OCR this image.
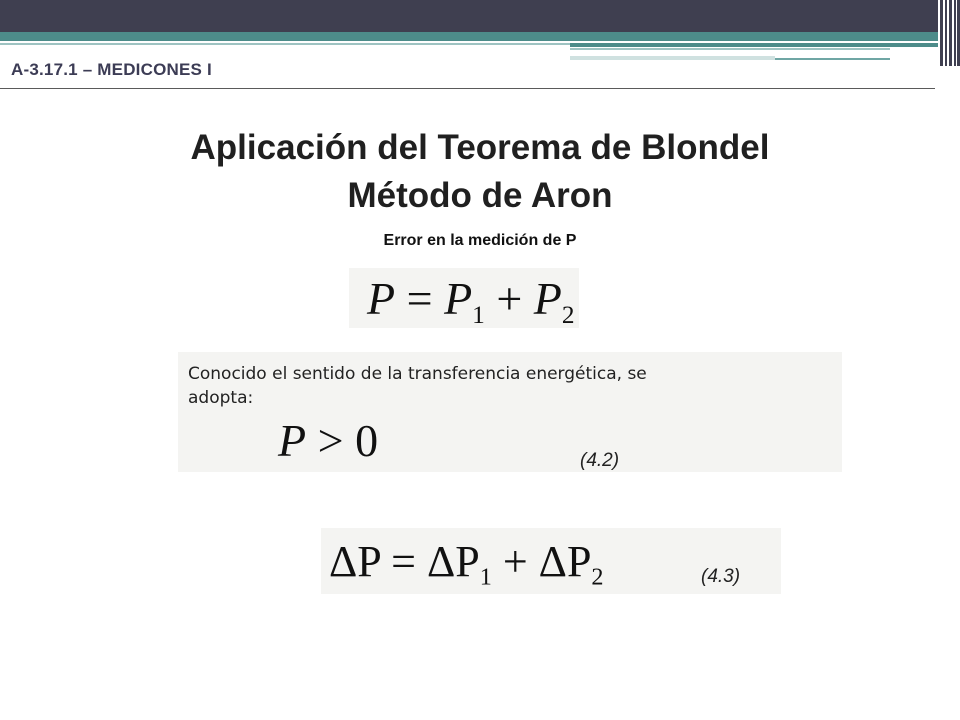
A-3.17.1 – MEDICONES I
Aplicación del Teorema de Blondel
Método de Aron
Error en la medición de P
$P = P_1 + P_2$
Conocido el sentido de la transferencia energética, se
adopta:
P > 0	(4.2)
$\Delta P = \Delta P_1 + \Delta P_2$	(4.3)
